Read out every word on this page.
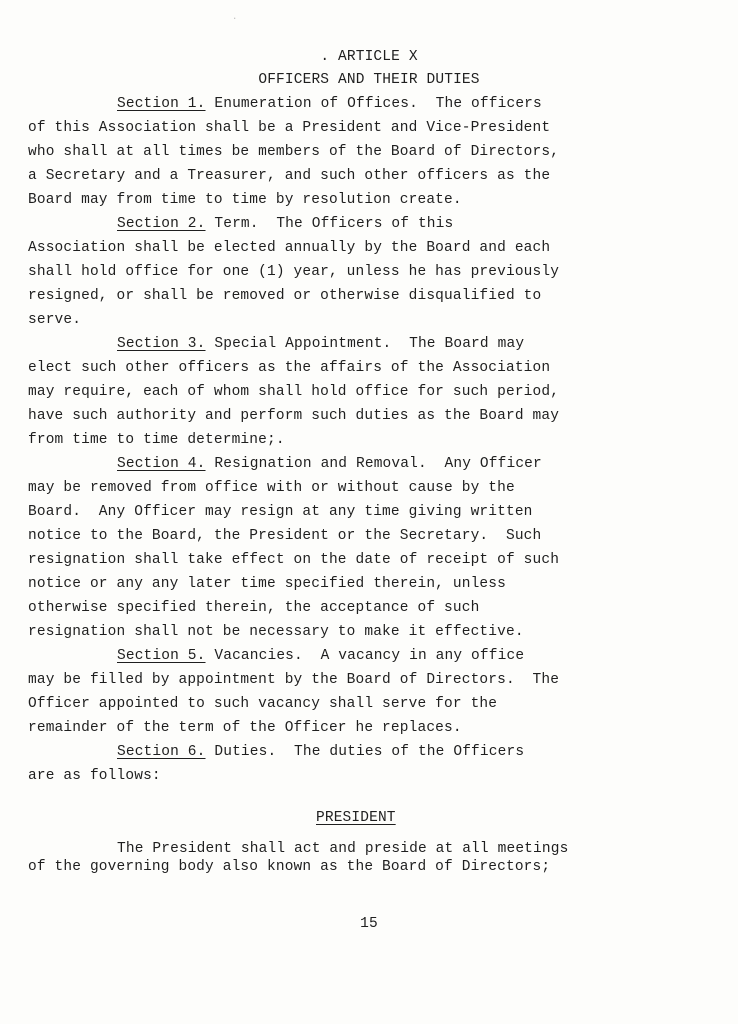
·

. ARTICLE X

OFFICERS AND THEIR DUTIES

Section 1. Enumeration of Offices.  The officers

of this Association shall be a President and Vice-President

who shall at all times be members of the Board of Directors,

a Secretary and a Treasurer, and such other officers as the

Board may from time to time by resolution create.

Section 2. Term.  The Officers of this

Association shall be elected annually by the Board and each

shall hold office for one (1) year, unless he has previously

resigned, or shall be removed or otherwise disqualified to

serve.

Section 3. Special Appointment.  The Board may

elect such other officers as the affairs of the Association

may require, each of whom shall hold office for such period,

have such authority and perform such duties as the Board may

from time to time determine;.

Section 4. Resignation and Removal.  Any Officer

may be removed from office with or without cause by the

Board.  Any Officer may resign at any time giving written

notice to the Board, the President or the Secretary.  Such

resignation shall take effect on the date of receipt of such

notice or any any later time specified therein, unless

otherwise specified therein, the acceptance of such

resignation shall not be necessary to make it effective.

Section 5. Vacancies.  A vacancy in any office

may be filled by appointment by the Board of Directors.  The

Officer appointed to such vacancy shall serve for the

remainder of the term of the Officer he replaces.

Section 6. Duties.  The duties of the Officers

are as follows:

PRESIDENT

The President shall act and preside at all meetings

of the governing body also known as the Board of Directors;

15
